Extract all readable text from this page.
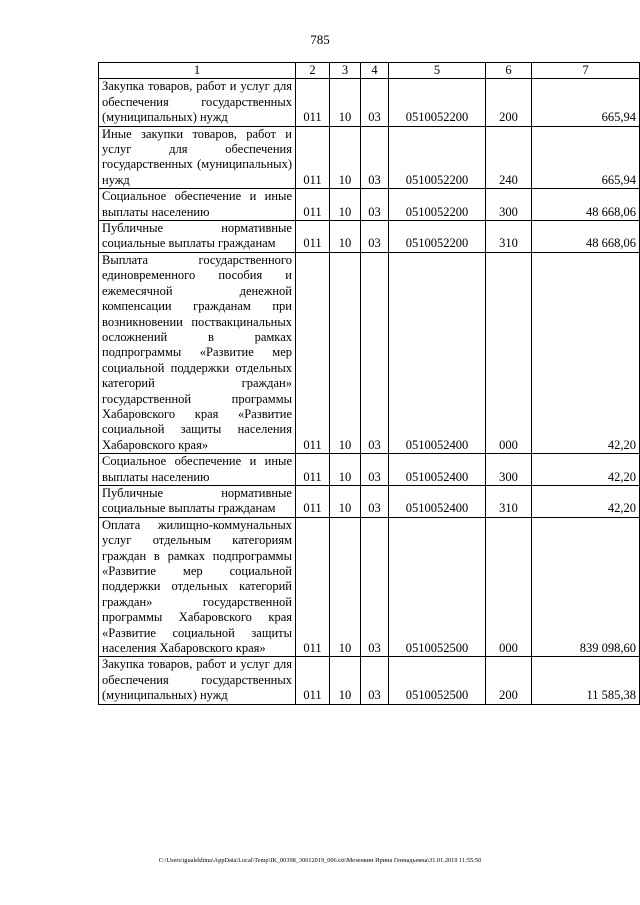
785
1	2	3	4	5	6	7
Закупка товаров, работ и услуг для обеспечения государственных (муниципальных) нужд	011	10	03	0510052200	200	665,94
Иные закупки товаров, работ и услуг для обеспечения государственных (муниципальных) нужд	011	10	03	0510052200	240	665,94
Социальное обеспечение и иные выплаты населению	011	10	03	0510052200	300	48 668,06
Публичные нормативные социальные выплаты гражданам	011	10	03	0510052200	310	48 668,06
Выплата государственного единовременного пособия и ежемесячной денежной компенсации гражданам при возникновении поствакцинальных осложнений в рамках подпрограммы «Развитие мер социальной поддержки отдельных категорий граждан» государственной программы Хабаровского края «Развитие социальной защиты населения Хабаровского края»	011	10	03	0510052400	000	42,20
Социальное обеспечение и иные выплаты населению	011	10	03	0510052400	300	42,20
Публичные нормативные социальные выплаты гражданам	011	10	03	0510052400	310	42,20
Оплата жилищно-коммунальных услуг отдельным категориям граждан в рамках подпрограммы «Развитие мер социальной поддержки отдельных категорий граждан» государственной программы Хабаровского края «Развитие социальной защиты населения Хабаровского края»	011	10	03	0510052500	000	839 098,60
Закупка товаров, работ и услуг для обеспечения государственных (муниципальных) нужд	011	10	03	0510052500	200	11 585,38
C:\Users\igualekhina\AppData\Local\Temp\IK_00398_30012019_006.txt\Мезенкин Ирина Геннадьевна\31.01.2019 11:55:50
